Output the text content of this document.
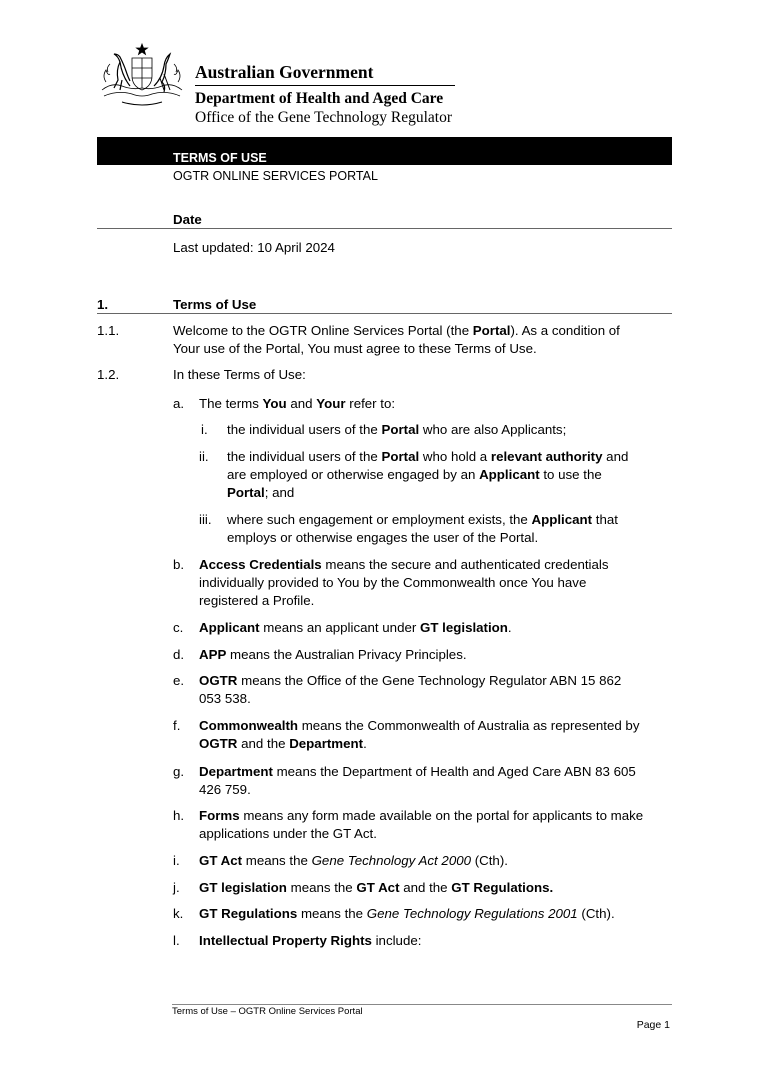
Australian Government
Department of Health and Aged Care
Office of the Gene Technology Regulator
TERMS OF USE
OGTR ONLINE SERVICES PORTAL
Date
Last updated: 10 April 2024
1.	Terms of Use
1.1.	Welcome to the OGTR Online Services Portal (the Portal). As a condition of
Your use of the Portal, You must agree to these Terms of Use.
1.2.	In these Terms of Use:
a. The terms You and Your refer to:
i. the individual users of the Portal who are also Applicants;
ii. the individual users of the Portal who hold a relevant authority and
are employed or otherwise engaged by an Applicant to use the
Portal; and
iii. where such engagement or employment exists, the Applicant that
employs or otherwise engages the user of the Portal.
b. Access Credentials means the secure and authenticated credentials
individually provided to You by the Commonwealth once You have
registered a Profile.
c. Applicant means an applicant under GT legislation.
d. APP means the Australian Privacy Principles.
e. OGTR means the Office of the Gene Technology Regulator ABN 15 862
053 538.
f. Commonwealth means the Commonwealth of Australia as represented by
OGTR and the Department.
g. Department means the Department of Health and Aged Care ABN 83 605
426 759.
h. Forms means any form made available on the portal for applicants to make
applications under the GT Act.
i. GT Act means the Gene Technology Act 2000 (Cth).
j. GT legislation means the GT Act and the GT Regulations.
k. GT Regulations means the Gene Technology Regulations 2001 (Cth).
l. Intellectual Property Rights include:
Terms of Use – OGTR Online Services Portal
Page 1
